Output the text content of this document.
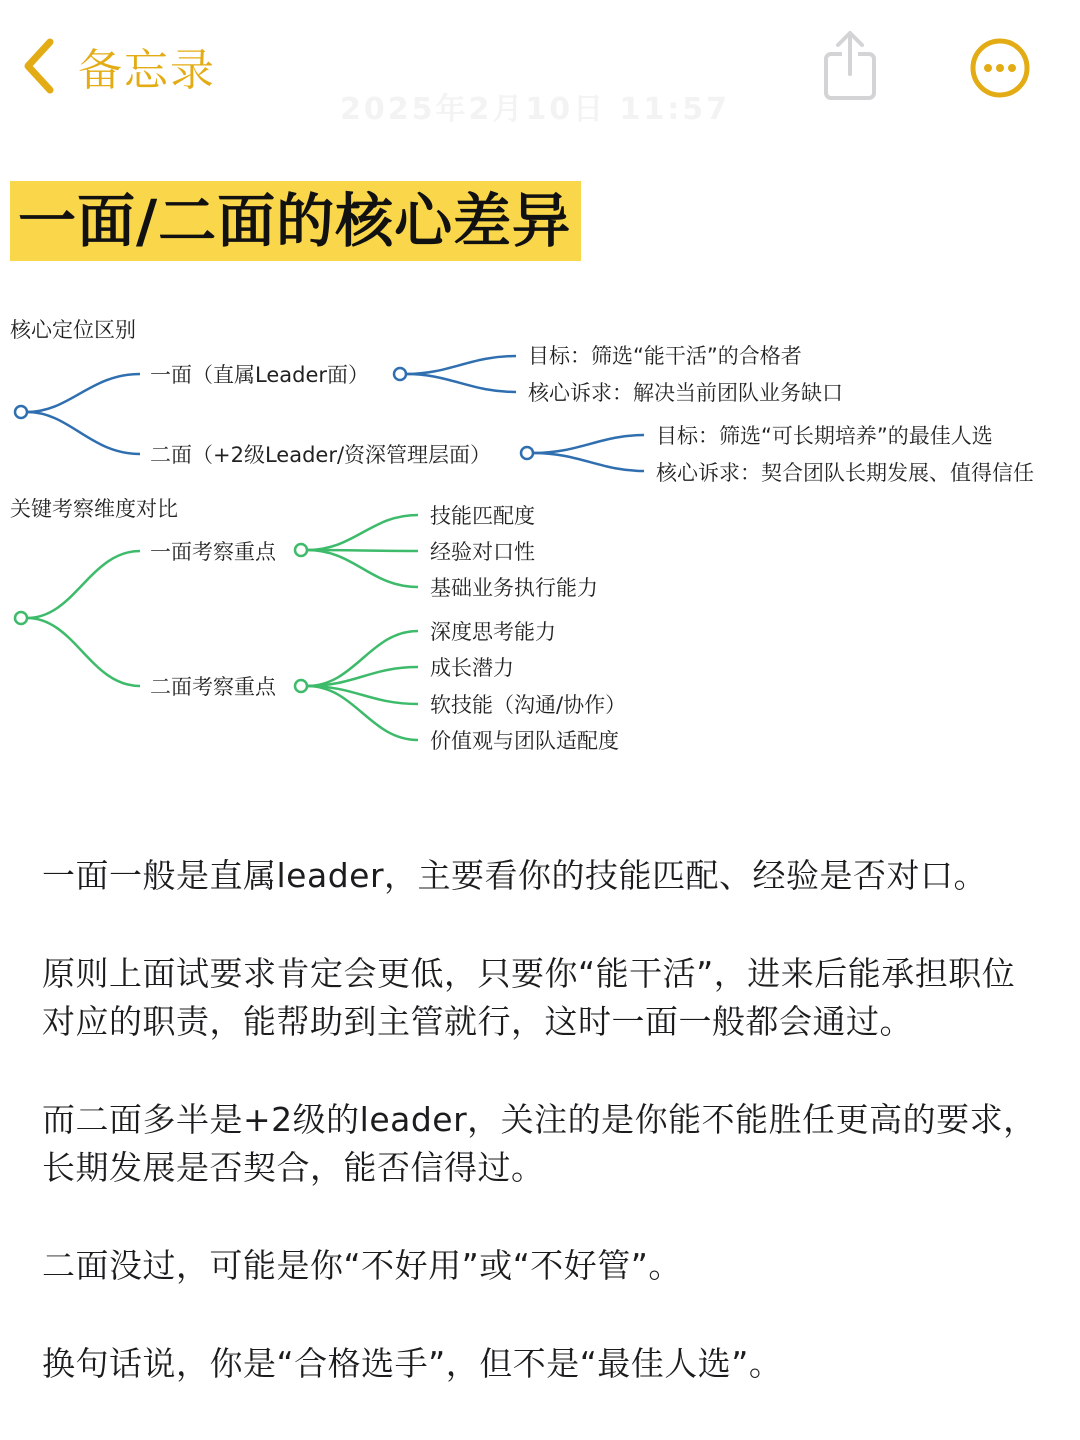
备忘录
2025年2月10日 11:57
一面/二面的核心差异
核心定位区别
一面（直属Leader面）
二面（+2级Leader/资深管理层面）
目标：筛选“能干活”的合格者
核心诉求：解决当前团队业务缺口
目标：筛选“可长期培养”的最佳人选
核心诉求：契合团队长期发展、值得信任
关键考察维度对比
一面考察重点
二面考察重点
技能匹配度
经验对口性
基础业务执行能力
深度思考能力
成长潜力
软技能（沟通/协作）
价值观与团队适配度

一面一般是直属leader，主要看你的技能匹配、经验是否对口。

原则上面试要求肯定会更低，只要你“能干活”，进来后能承担职位对应的职责，能帮助到主管就行，这时一面一般都会通过。

而二面多半是+2级的leader，关注的是你能不能胜任更高的要求，长期发展是否契合，能否信得过。

二面没过，可能是你“不好用”或“不好管”。

换句话说，你是“合格选手”，但不是“最佳人选”。
